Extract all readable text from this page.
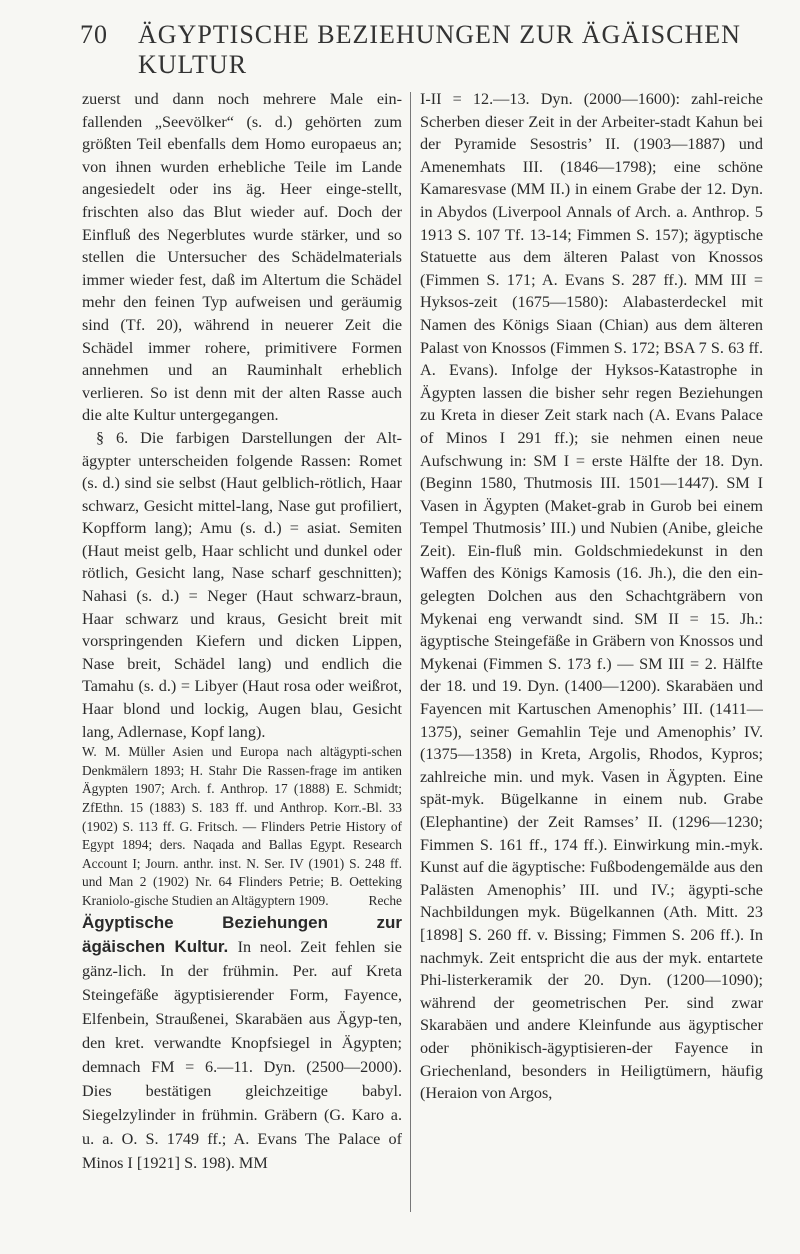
70 ÄGYPTISCHE BEZIEHUNGEN ZUR ÄGÄISCHEN KULTUR

zuerst und dann noch mehrere Male ein-fallenden „Seevölker“ (s. d.) gehörten zum größten Teil ebenfalls dem Homo europaeus an; von ihnen wurden erhebliche Teile im Lande angesiedelt oder ins äg. Heer einge-stellt, frischten also das Blut wieder auf. Doch der Einfluß des Negerblutes wurde stärker, und so stellen die Untersucher des Schädelmaterials immer wieder fest, daß im Altertum die Schädel mehr den feinen Typ aufweisen und geräumig sind (Tf. 20), während in neuerer Zeit die Schädel immer rohere, primitivere Formen annehmen und an Rauminhalt erheblich verlieren. So ist denn mit der alten Rasse auch die alte Kultur untergegangen.

§ 6. Die farbigen Darstellungen der Alt-ägypter unterscheiden folgende Rassen: Romet (s. d.) sind sie selbst (Haut gelblich-rötlich, Haar schwarz, Gesicht mittel-lang, Nase gut profiliert, Kopfform lang); Amu (s. d.) = asiat. Semiten (Haut meist gelb, Haar schlicht und dunkel oder rötlich, Gesicht lang, Nase scharf geschnitten); Nahasi (s. d.) = Neger (Haut schwarz-braun, Haar schwarz und kraus, Gesicht breit mit vorspringenden Kiefern und dicken Lippen, Nase breit, Schädel lang) und endlich die Tamahu (s. d.) = Libyer (Haut rosa oder weißrot, Haar blond und lockig, Augen blau, Gesicht lang, Adlernase, Kopf lang).

W. M. Müller Asien und Europa nach altägypti-schen Denkmälern 1893; H. Stahr Die Rassen-frage im antiken Ägypten 1907; Arch. f. Anthrop. 17 (1888) E. Schmidt; ZfEthn. 15 (1883) S. 183 ff. und Anthrop. Korr.-Bl. 33 (1902) S. 113 ff. G. Fritsch. — Flinders Petrie History of Egypt 1894; ders. Naqada and Ballas Egypt. Research Account I; Journ. anthr. inst. N. Ser. IV (1901) S. 248 ff. und Man 2 (1902) Nr. 64 Flinders Petrie; B. Oetteking Kraniolo-gische Studien an Altägyptern 1909.	Reche

Ägyptische Beziehungen zur ägäischen Kultur. In neol. Zeit fehlen sie gänz-lich. In der frühmin. Per. auf Kreta Steingefäße ägyptisierender Form, Fayence, Elfenbein, Straußenei, Skarabäen aus Ägyp-ten, den kret. verwandte Knopfsiegel in Ägypten; demnach FM = 6.—11. Dyn. (2500—2000). Dies bestätigen gleichzeitige babyl. Siegelzylinder in frühmin. Gräbern (G. Karo a. u. a. O. S. 1749 ff.; A. Evans The Palace of Minos I [1921] S. 198). MM

I-II = 12.—13. Dyn. (2000—1600): zahl-reiche Scherben dieser Zeit in der Arbeiter-stadt Kahun bei der Pyramide Sesostris’ II. (1903—1887) und Amenemhats III. (1846—1798); eine schöne Kamaresvase (MM II.) in einem Grabe der 12. Dyn. in Abydos (Liverpool Annals of Arch. a. Anthrop. 5 1913 S. 107 Tf. 13-14; Fimmen S. 157); ägyptische Statuette aus dem älteren Palast von Knossos (Fimmen S. 171; A. Evans S. 287 ff.). MM III = Hyksos-zeit (1675—1580): Alabasterdeckel mit Namen des Königs Siaan (Chian) aus dem älteren Palast von Knossos (Fimmen S. 172; BSA 7 S. 63 ff. A. Evans). Infolge der Hyksos-Katastrophe in Ägypten lassen die bisher sehr regen Beziehungen zu Kreta in dieser Zeit stark nach (A. Evans Palace of Minos I 291 ff.); sie nehmen einen neue Aufschwung in: SM I = erste Hälfte der 18. Dyn. (Beginn 1580, Thutmosis III. 1501—1447). SM I Vasen in Ägypten (Maket-grab in Gurob bei einem Tempel Thutmosis’ III.) und Nubien (Anibe, gleiche Zeit). Ein-fluß min. Goldschmiedekunst in den Waffen des Königs Kamosis (16. Jh.), die den ein-gelegten Dolchen aus den Schachtgräbern von Mykenai eng verwandt sind. SM II = 15. Jh.: ägyptische Steingefäße in Gräbern von Knossos und Mykenai (Fimmen S. 173 f.) — SM III = 2. Hälfte der 18. und 19. Dyn. (1400—1200). Skarabäen und Fayencen mit Kartuschen Amenophis’ III. (1411—1375), seiner Gemahlin Teje und Amenophis’ IV. (1375—1358) in Kreta, Argolis, Rhodos, Kypros; zahlreiche min. und myk. Vasen in Ägypten. Eine spät-myk. Bügelkanne in einem nub. Grabe (Elephantine) der Zeit Ramses’ II. (1296—1230; Fimmen S. 161 ff., 174 ff.). Einwirkung min.-myk. Kunst auf die ägyptische: Fußbodengemälde aus den Palästen Amenophis’ III. und IV.; ägypti-sche Nachbildungen myk. Bügelkannen (Ath. Mitt. 23 [1898] S. 260 ff. v. Bissing; Fimmen S. 206 ff.). In nachmyk. Zeit entspricht die aus der myk. entartete Phi-listerkeramik der 20. Dyn. (1200—1090); während der geometrischen Per. sind zwar Skarabäen und andere Kleinfunde aus ägyptischer oder phönikisch-ägyptisieren-der Fayence in Griechenland, besonders in Heiligtümern, häufig (Heraion von Argos,
